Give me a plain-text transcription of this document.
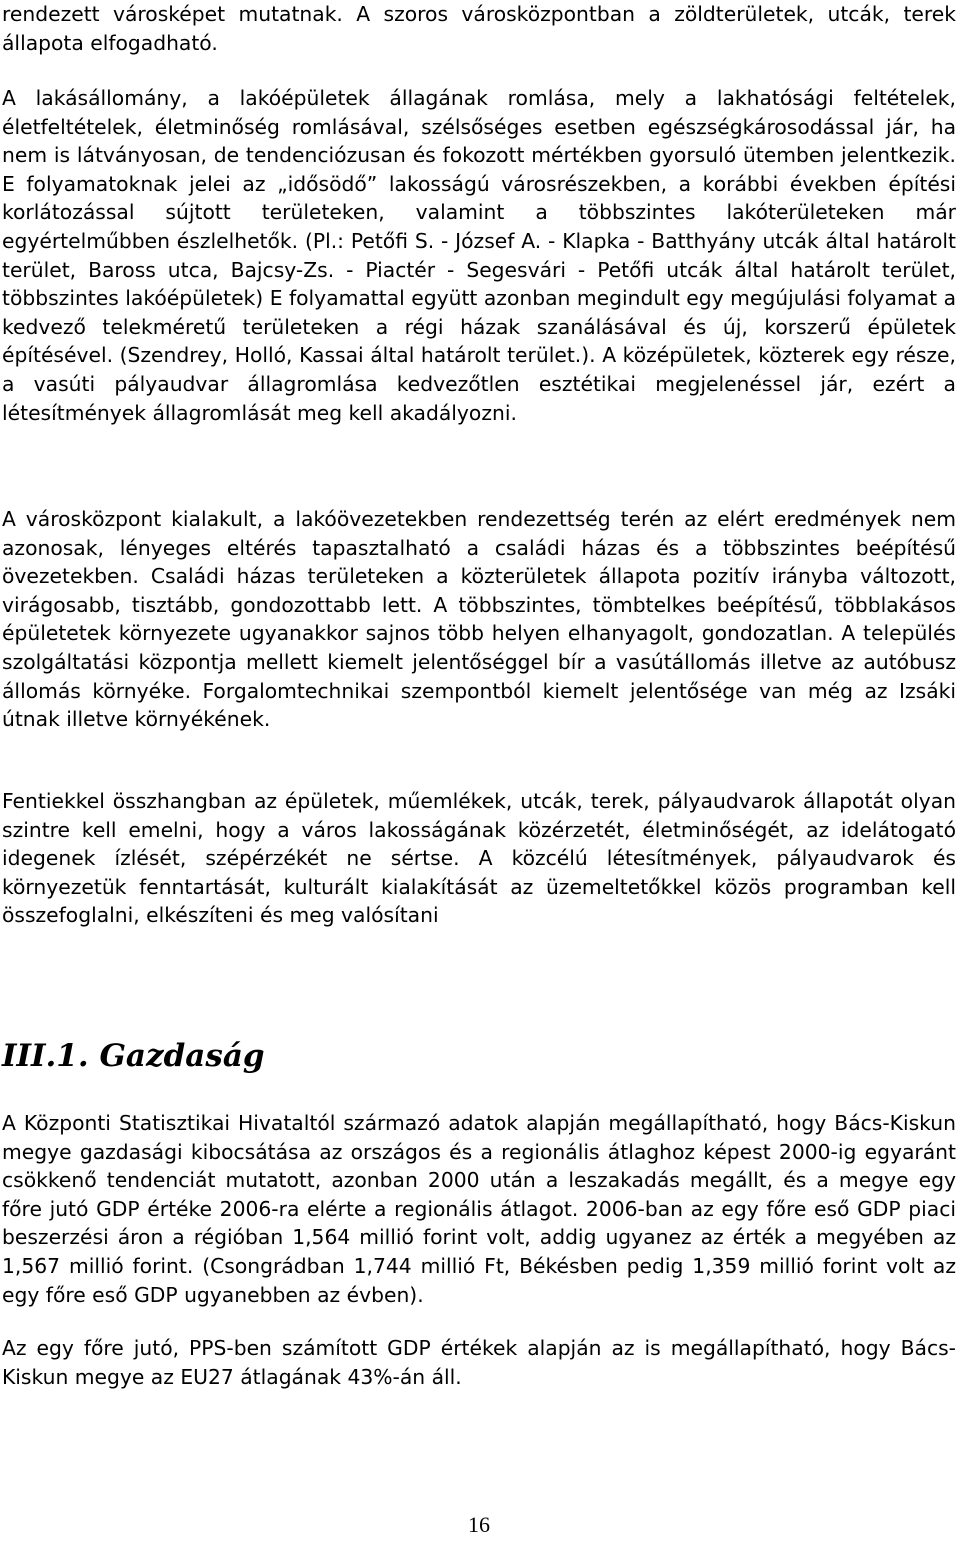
rendezett városképet mutatnak. A szoros városközpontban a zöldterületek, utcák, terek állapota elfogadható.

A lakásállomány, a lakóépületek állagának romlása, mely a lakhatósági feltételek, életfeltételek, életminőség romlásával, szélsőséges esetben egészségkárosodással jár, ha nem is látványosan, de tendenciózusan és fokozott mértékben gyorsuló ütemben jelentkezik. E folyamatoknak jelei az „idősödő” lakosságú városrészekben, a korábbi években építési korlátozással sújtott területeken, valamint a többszintes lakóterületeken már egyértelműbben észlelhetők. (Pl.: Petőfi S. - József A. - Klapka - Batthyány utcák által határolt terület, Baross utca, Bajcsy-Zs. - Piactér - Segesvári - Petőfi utcák által határolt terület, többszintes lakóépületek) E folyamattal együtt azonban megindult egy megújulási folyamat a kedvező telekméretű területeken a régi házak szanálásával és új, korszerű épületek építésével. (Szendrey, Holló, Kassai által határolt terület.). A középületek, közterek egy része, a vasúti pályaudvar állagromlása kedvezőtlen esztétikai megjelenéssel jár, ezért a létesítmények állagromlását meg kell akadályozni.

A városközpont kialakult, a lakóövezetekben rendezettség terén az elért eredmények nem azonosak, lényeges eltérés tapasztalható a családi házas és a többszintes beépítésű övezetekben. Családi házas területeken a közterületek állapota pozitív irányba változott, virágosabb, tisztább, gondozottabb lett. A többszintes, tömbtelkes beépítésű, többlakásos épületetek környezete ugyanakkor sajnos több helyen elhanyagolt, gondozatlan. A település szolgáltatási központja mellett kiemelt jelentőséggel bír a vasútállomás illetve az autóbusz állomás környéke. Forgalomtechnikai szempontból kiemelt jelentősége van még az Izsáki útnak illetve környékének.

Fentiekkel összhangban az épületek, műemlékek, utcák, terek, pályaudvarok állapotát olyan szintre kell emelni, hogy a város lakosságának közérzetét, életminőségét, az idelátogató idegenek ízlését, szépérzékét ne sértse. A közcélú létesítmények, pályaudvarok és környezetük fenntartását, kulturált kialakítását az üzemeltetőkkel közös programban kell összefoglalni, elkészíteni és meg valósítani

III.1. Gazdaság

A Központi Statisztikai Hivataltól származó adatok alapján megállapítható, hogy Bács-Kiskun megye gazdasági kibocsátása az országos és a regionális átlaghoz képest 2000-ig egyaránt csökkenő tendenciát mutatott, azonban 2000 után a leszakadás megállt, és a megye egy főre jutó GDP értéke 2006-ra elérte a regionális átlagot. 2006-ban az egy főre eső GDP piaci beszerzési áron a régióban 1,564 millió forint volt, addig ugyanez az érték a megyében az 1,567 millió forint. (Csongrádban 1,744 millió Ft, Békésben pedig 1,359 millió forint volt az egy főre eső GDP ugyanebben az évben).

Az egy főre jutó, PPS-ben számított GDP értékek alapján az is megállapítható, hogy Bács-Kiskun megye az EU27 átlagának 43%-án áll.

16
